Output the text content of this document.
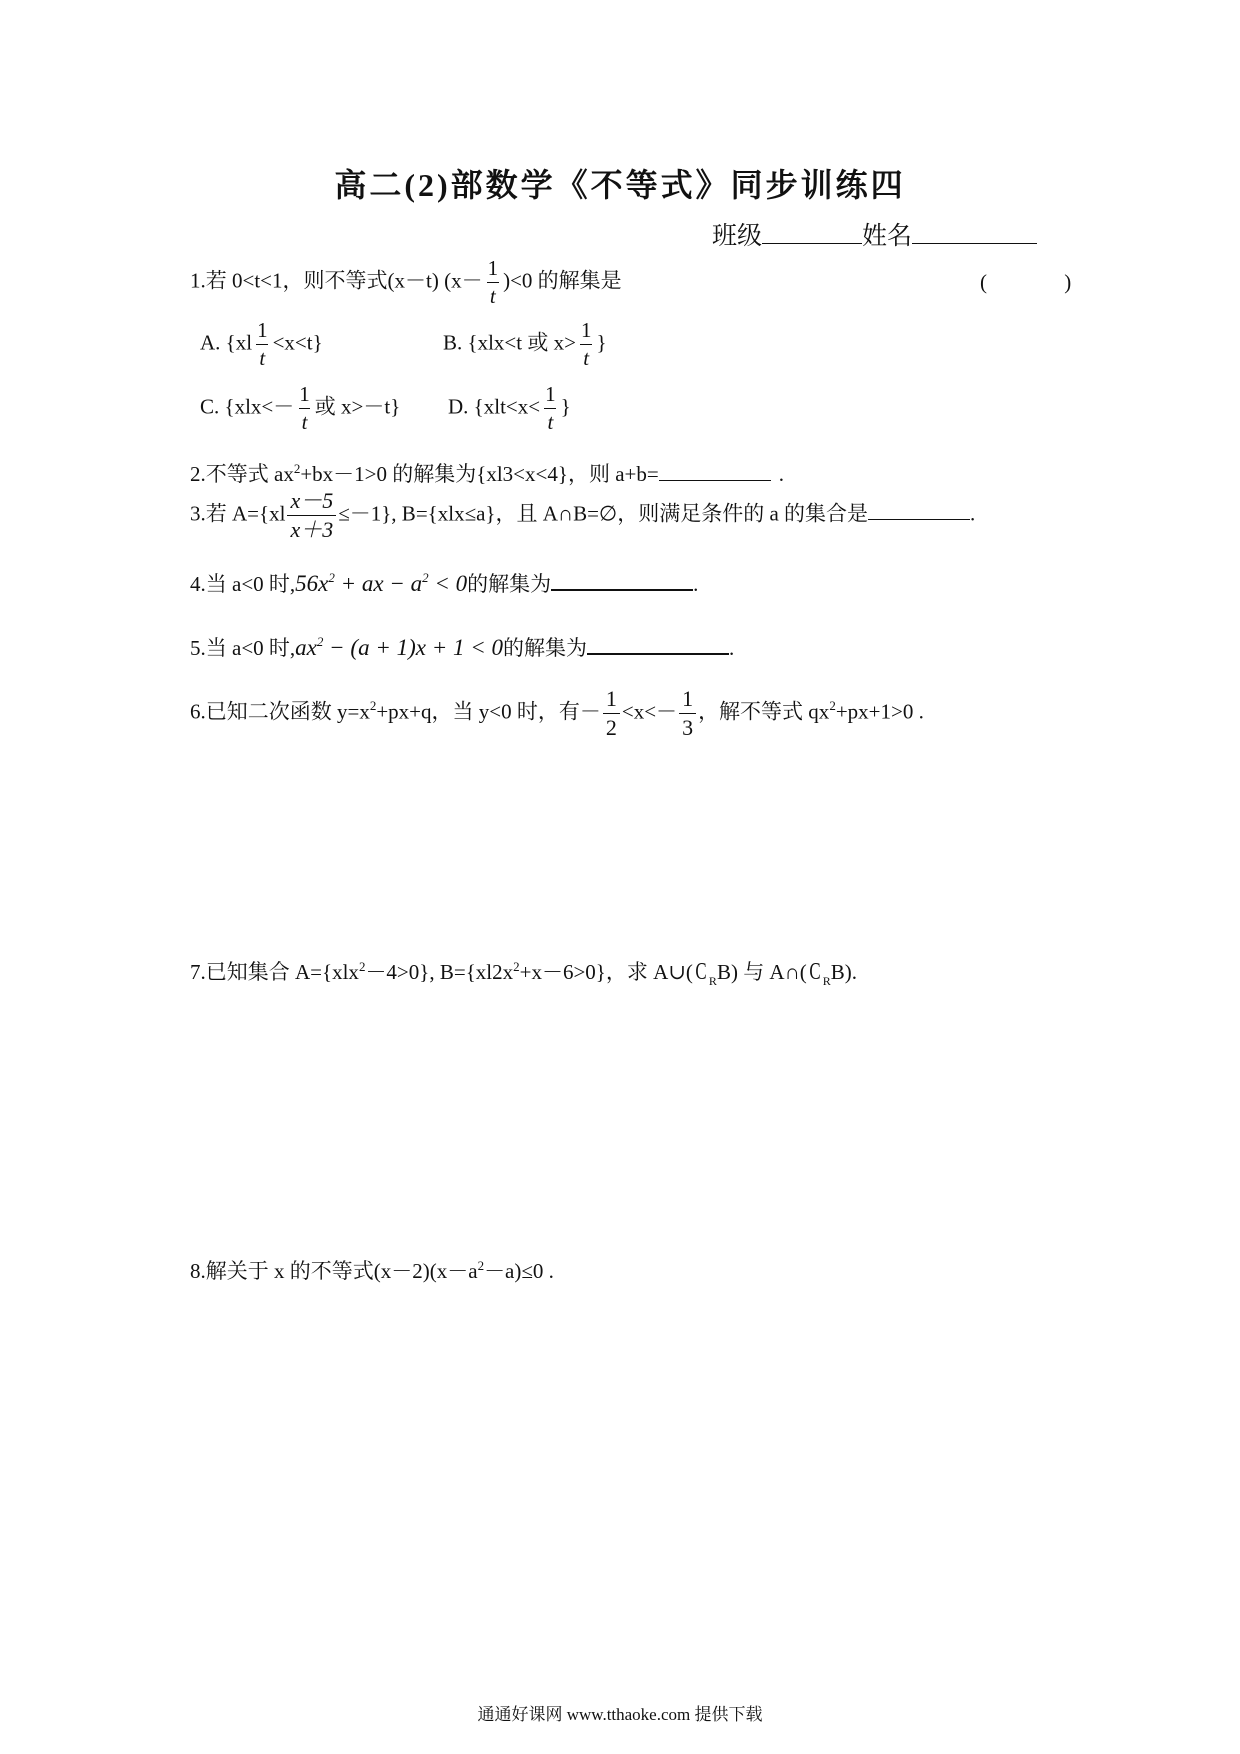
高二(2)部数学《不等式》同步训练四
班级	姓名
1.若 0<t<1，则不等式(x－t) $(x- \frac{1}{t} )<0$ 的解集是	( )
A. $\{xl \frac{1}{t} <x<t\}$	B. {xlx<t 或 $x> \frac{1}{t}$ }
C. {$xlx<- \frac{1}{t}$ 或 x>－t} D. {$xlt<x< \frac{1}{t}$ }
2.不等式 $ax^2+bx-1>0$ 的解集为{xl3<x<4}，则 a+b=	.
3.若 $A=\{xl \frac{x-5}{x+3} \le-1\}$, B={xlx≤a}，且 A∩B=∅，则满足条件的 a 的集合是	.
4.当 a<0 时$,56x^2$ + ax − $a^2 < 0$的解集为	.
5.当 a<0 时$,ax^2 - (a + 1)x + 1 < 0$的解集为	.
6.已知二次函数 $y=x^2+px+q$，当 y<0 时，有－ $\frac{1}{2} <x<- \frac{1}{3}$ ，解不等式 $qx^2+px+1>0$ .
7.已知集合 A={xlx$^2$－4>0}, $B=\{xl2x^2+x-6>0\}$，求 A∪( C $_R$B) 与 A∩( C $_R$B).
8.解关于 x 的不等式$(x-2)(x-a^2-a)\le 0$ .
通通好课网 www.tthaoke.com 提供下载
